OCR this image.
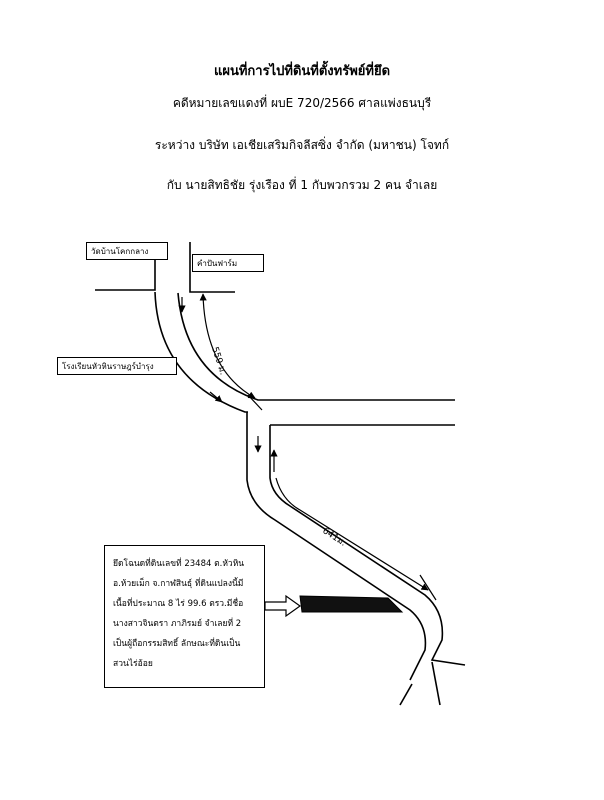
แผนที่การไปที่ดินที่ตั้งทรัพย์ที่ยึด
คดีหมายเลขแดงที่ ผบE 720/2566 ศาลแพ่งธนบุรี
ระหว่าง บริษัท เอเชียเสริมกิจลีสซิ่ง จำกัด (มหาชน) โจทก์
กับ นายสิทธิชัย รุ่งเรือง ที่ 1 กับพวกรวม 2 คน จำเลย
559 ม.
641ม.
วัดบ้านโคกกลาง
คำปันฟาร์ม
โรงเรียนหัวหินราษฎร์บำรุง
ยึดโฉนดที่ดินเลขที่ 23484 ต.หัวหิน
อ.ห้วยเม็ก จ.กาฬสินธุ์ ที่ดินแปลงนี้มี
เนื้อที่ประมาณ 8 ไร่ 99.6 ตรว.มีชื่อ
นางสาวจินตรา ภาภิรมย์ จำเลยที่ 2
เป็นผู้ถือกรรมสิทธิ์ ลักษณะที่ดินเป็น
สวนไร่อ้อย
